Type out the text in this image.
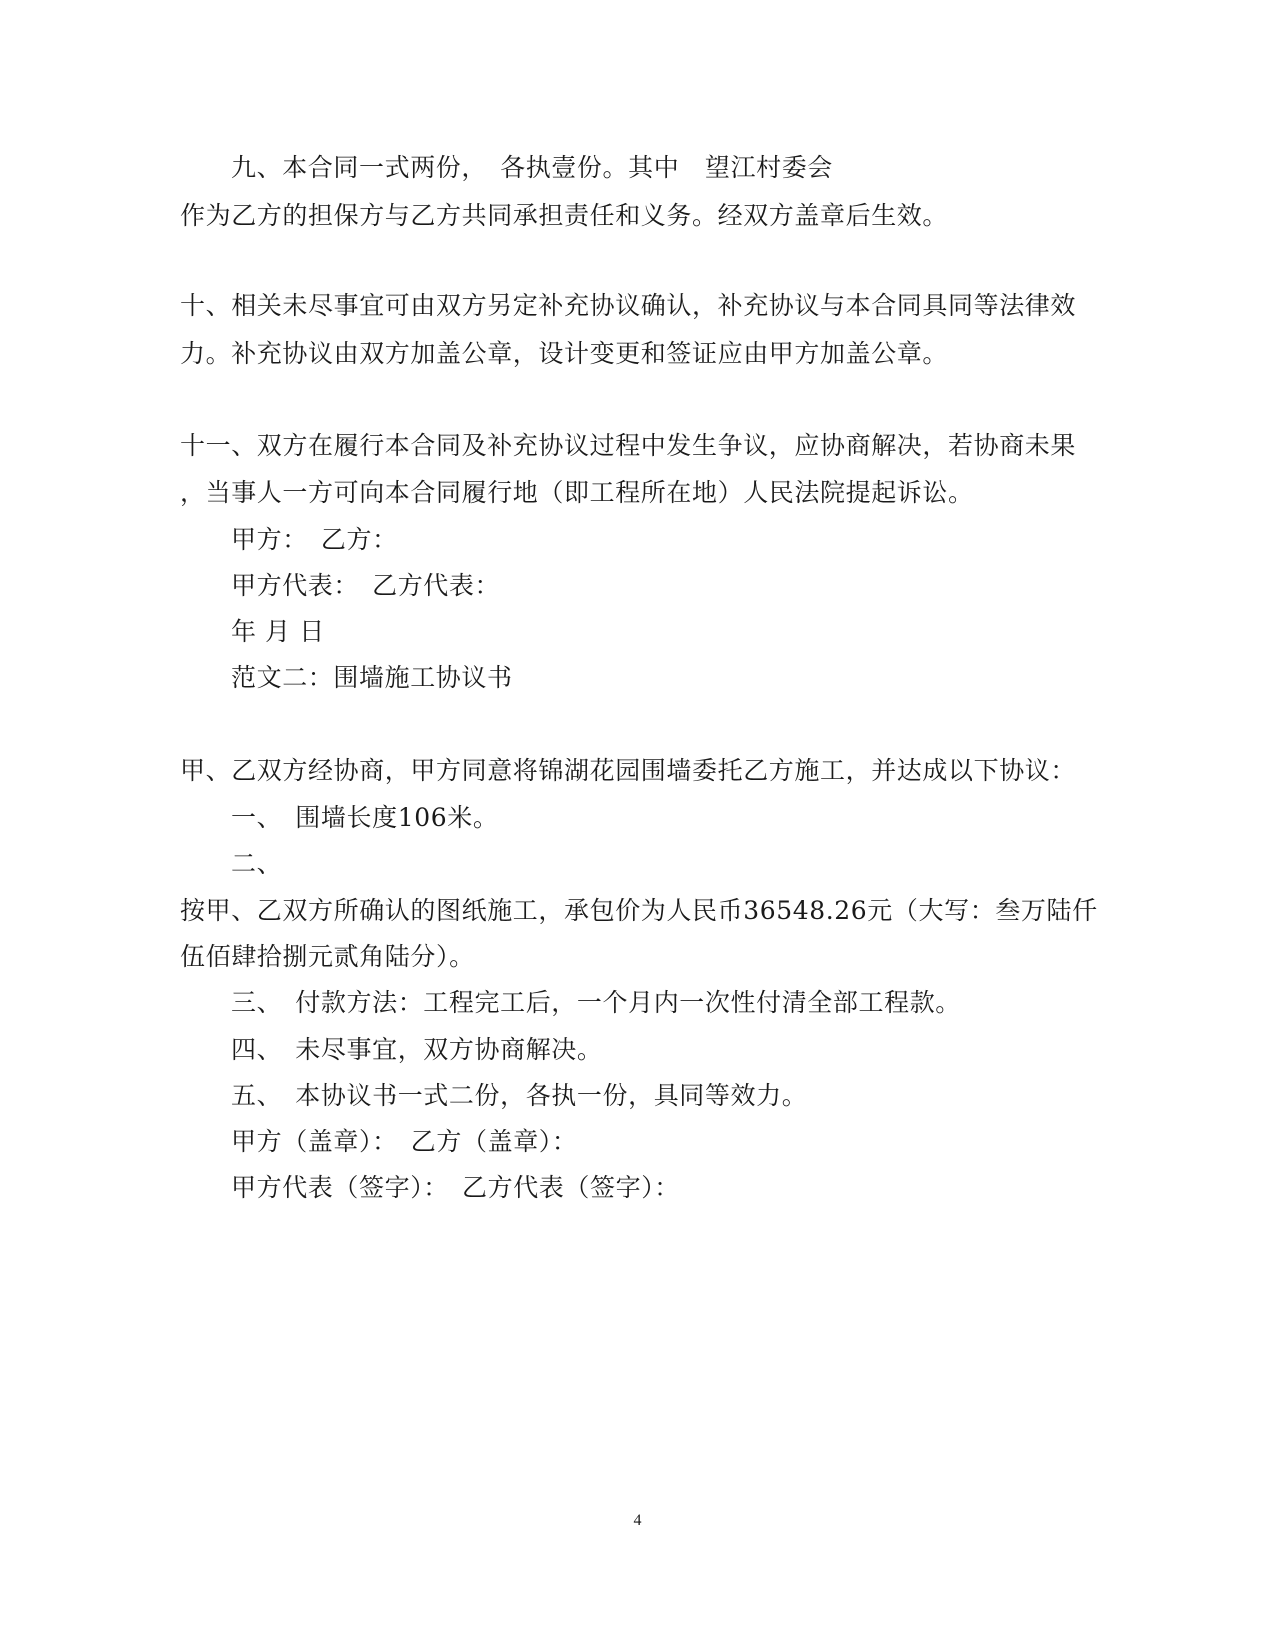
九、本合同一式两份，　各执壹份。其中　望江村委会
作为乙方的担保方与乙方共同承担责任和义务。经双方盖章后生效。
十、相关未尽事宜可由双方另定补充协议确认，补充协议与本合同具同等法律效
力。补充协议由双方加盖公章，设计变更和签证应由甲方加盖公章。
十一、双方在履行本合同及补充协议过程中发生争议，应协商解决，若协商未果
，当事人一方可向本合同履行地（即工程所在地）人民法院提起诉讼。
甲方：　乙方：
甲方代表：　乙方代表：
年 月 日
范文二：围墙施工协议书
甲、乙双方经协商，甲方同意将锦湖花园围墙委托乙方施工，并达成以下协议：
一、　围墙长度106米。
二、
按甲、乙双方所确认的图纸施工，承包价为人民币36548.26元（大写：叁万陆仟
伍佰肆拾捌元贰角陆分）。
三、　付款方法：工程完工后，一个月内一次性付清全部工程款。
四、　未尽事宜，双方协商解决。
五、　本协议书一式二份，各执一份，具同等效力。
甲方（盖章）：　乙方（盖章）：
甲方代表（签字）：　乙方代表（签字）：
4
